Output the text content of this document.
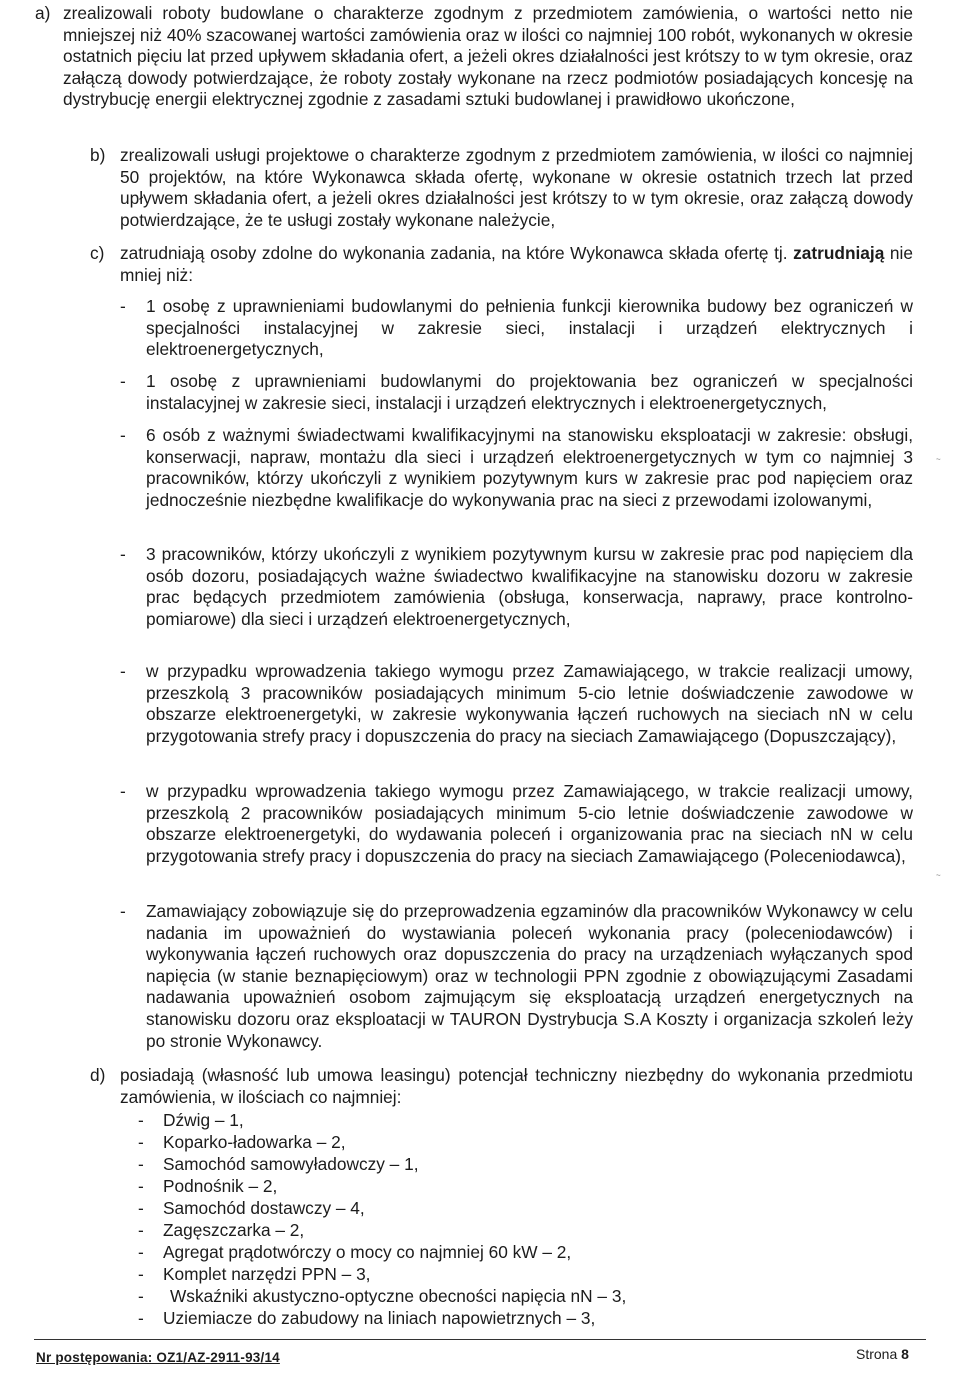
a) zrealizowali roboty budowlane o charakterze zgodnym z przedmiotem zamówienia, o wartości netto nie mniejszej niż 40% szacowanej wartości zamówienia oraz w ilości co najmniej 100 robót, wykonanych w okresie ostatnich pięciu lat przed upływem składania ofert, a jeżeli okres działalności jest krótszy to w tym okresie, oraz załączą dowody potwierdzające, że roboty zostały wykonane na rzecz podmiotów posiadających koncesję na dystrybucję energii elektrycznej zgodnie z zasadami sztuki budowlanej i prawidłowo ukończone,
b) zrealizowali usługi projektowe o charakterze zgodnym z przedmiotem zamówienia, w ilości co najmniej 50 projektów, na które Wykonawca składa ofertę, wykonane w okresie ostatnich trzech lat przed upływem składania ofert, a jeżeli okres działalności jest krótszy to w tym okresie, oraz załączą dowody potwierdzające, że te usługi zostały wykonane należycie,
c) zatrudniają osoby zdolne do wykonania zadania, na które Wykonawca składa ofertę tj. zatrudniają nie mniej niż:
- 1 osobę z uprawnieniami budowlanymi do pełnienia funkcji kierownika budowy bez ograniczeń w specjalności instalacyjnej w zakresie sieci, instalacji i urządzeń elektrycznych i elektroenergetycznych,
- 1 osobę z uprawnieniami budowlanymi do projektowania bez ograniczeń w specjalności instalacyjnej w zakresie sieci, instalacji i urządzeń elektrycznych i elektroenergetycznych,
- 6 osób z ważnymi świadectwami kwalifikacyjnymi na stanowisku eksploatacji w zakresie: obsługi, konserwacji, napraw, montażu dla sieci i urządzeń elektroenergetycznych w tym co najmniej 3 pracowników, którzy ukończyli z wynikiem pozytywnym kurs w zakresie prac pod napięciem oraz jednocześnie niezbędne kwalifikacje do wykonywania prac na sieci z przewodami izolowanymi,
- 3 pracowników, którzy ukończyli z wynikiem pozytywnym kursu w zakresie prac pod napięciem dla osób dozoru, posiadających ważne świadectwo kwalifikacyjne na stanowisku dozoru w zakresie prac będących przedmiotem zamówienia (obsługa, konserwacja, naprawy, prace kontrolno-pomiarowe) dla sieci i urządzeń elektroenergetycznych,
- w przypadku wprowadzenia takiego wymogu przez Zamawiającego, w trakcie realizacji umowy, przeszkolą 3 pracowników posiadających minimum 5-cio letnie doświadczenie zawodowe w obszarze elektroenergetyki, w zakresie wykonywania łączeń ruchowych na sieciach nN w celu przygotowania strefy pracy i dopuszczenia do pracy na sieciach Zamawiającego (Dopuszczający),
- w przypadku wprowadzenia takiego wymogu przez Zamawiającego, w trakcie realizacji umowy, przeszkolą 2 pracowników posiadających minimum 5-cio letnie doświadczenie zawodowe w obszarze elektroenergetyki, do wydawania poleceń i organizowania prac na sieciach nN w celu przygotowania strefy pracy i dopuszczenia do pracy na sieciach Zamawiającego (Poleceniodawca),
- Zamawiający zobowiązuje się do przeprowadzenia egzaminów dla pracowników Wykonawcy w celu nadania im upoważnień do wystawiania poleceń wykonania pracy (poleceniodawców) i wykonywania łączeń ruchowych oraz dopuszczenia do pracy na urządzeniach wyłączanych spod napięcia (w stanie beznapięciowym) oraz w technologii PPN zgodnie z obowiązującymi Zasadami nadawania upoważnień osobom zajmującym się eksploatacją urządzeń energetycznych na stanowisku dozoru oraz eksploatacji w TAURON Dystrybucja S.A Koszty i organizacja szkoleń leży po stronie Wykonawcy.
d) posiadają (własność lub umowa leasingu) potencjał techniczny niezbędny do wykonania przedmiotu zamówienia, w ilościach co najmniej:
- Dźwig – 1,
- Koparko-ładowarka – 2,
- Samochód samowyładowczy – 1,
- Podnośnik – 2,
- Samochód dostawczy – 4,
- Zagęszczarka – 2,
- Agregat prądotwórczy o mocy co najmniej 60 kW – 2,
- Komplet narzędzi PPN – 3,
- Wskaźniki akustyczno-optyczne obecności napięcia nN – 3,
- Uziemiacze do zabudowy na liniach napowietrznych – 3,
~
~
Nr postępowania: OZ1/AZ-2911-93/14	Strona 8
